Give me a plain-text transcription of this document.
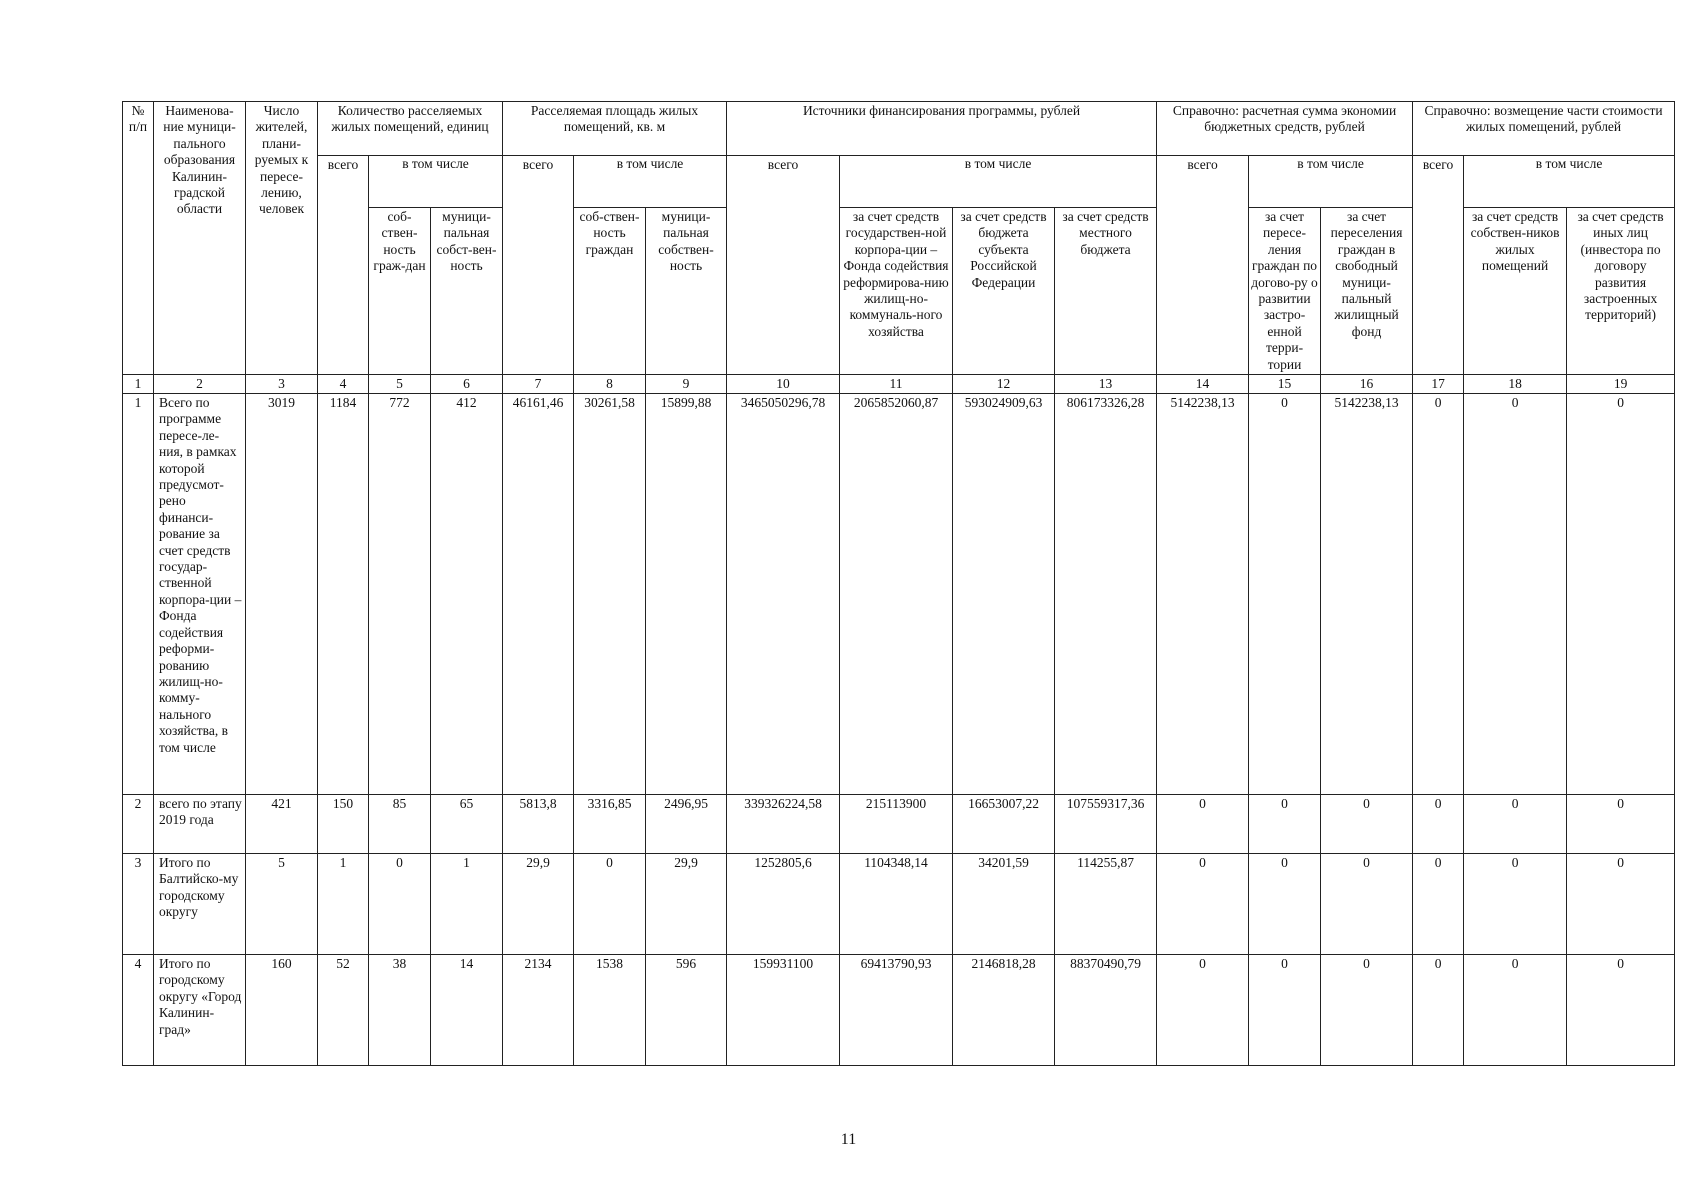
№ п/п	Наименова-ние муници-пального образования Калинин-градской области	Число жителей, плани-руемых к пересе-лению, человек	Количество расселяемых жилых помещений, единиц			Расселяемая площадь жилых помещений, кв. м			Источники финансирования программы, рублей				Справочно: расчетная сумма экономии бюджетных средств, рублей			Справочно: возмещение части стоимости жилых помещений, рублей		
			всего	в том числе		всего	в том числе		всего	в том числе			всего	в том числе		всего	в том числе	
				соб-ствен-ность граж-дан	муници-пальная собст-вен-ность		соб-ствен-ность граждан	муници-пальная собствен-ность		за счет средств государствен-ной корпора-ции – Фонда содействия реформирова-нию жилищ-но-коммуналь-ного хозяйства	за счет средств бюджета субъекта Российской Федерации	за счет средств местного бюджета		за счет пересе-ления граждан по догово-ру о развитии застро-енной терри-тории	за счет переселения граждан в свободный муници-пальный жилищный фонд		за счет средств собствен-ников жилых помещений	за счет средств иных лиц (инвестора по договору развития застроенных территорий)
1	2	3	4	5	6	7	8	9	10	11	12	13	14	15	16	17	18	19
1	Всего по программе пересе-ле-ния, в рамках которой предусмот-рено финанси-рование за счет средств государ-ственной корпора-ции – Фонда содействия реформи-рованию жилищ-но-комму-нального хозяйства, в том числе	3019	1184	772	412	46161,46	30261,58	15899,88	3465050296,78	2065852060,87	593024909,63	806173326,28	5142238,13	0	5142238,13	0	0	0
2	всего по этапу 2019 года	421	150	85	65	5813,8	3316,85	2496,95	339326224,58	215113900	16653007,22	107559317,36	0	0	0	0	0	0
3	Итого по Балтийско-му городскому округу	5	1	0	1	29,9	0	29,9	1252805,6	1104348,14	34201,59	114255,87	0	0	0	0	0	0
4	Итого по городскому округу «Город Калинин-град»	160	52	38	14	2134	1538	596	159931100	69413790,93	2146818,28	88370490,79	0	0	0	0	0	0
11
